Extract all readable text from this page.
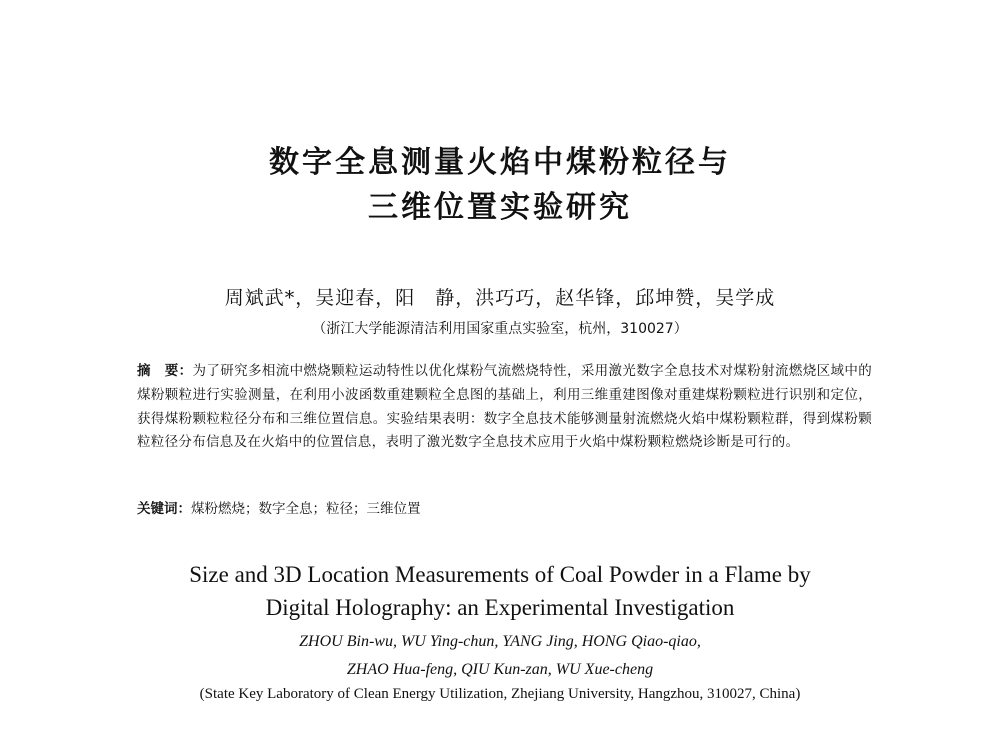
数字全息测量火焰中煤粉粒径与
三维位置实验研究
周斌武*，吴迎春，阳　静，洪巧巧，赵华锋，邱坤赞，吴学成
（浙江大学能源清洁利用国家重点实验室，杭州，310027）
摘　要：为了研究多相流中燃烧颗粒运动特性以优化煤粉气流燃烧特性，采用激光数字全息技术对煤粉射流燃烧区域中的煤粉颗粒进行实验测量，在利用小波函数重建颗粒全息图的基础上，利用三维重建图像对重建煤粉颗粒进行识别和定位，获得煤粉颗粒粒径分布和三维位置信息。实验结果表明：数字全息技术能够测量射流燃烧火焰中煤粉颗粒群，得到煤粉颗粒粒径分布信息及在火焰中的位置信息，表明了激光数字全息技术应用于火焰中煤粉颗粒燃烧诊断是可行的。
关键词：煤粉燃烧；数字全息；粒径；三维位置
Size and 3D Location Measurements of Coal Powder in a Flame by
Digital Holography: an Experimental Investigation
ZHOU Bin-wu, WU Ying-chun, YANG Jing, HONG Qiao-qiao,
ZHAO Hua-feng, QIU Kun-zan, WU Xue-cheng
(State Key Laboratory of Clean Energy Utilization, Zhejiang University, Hangzhou, 310027, China)
